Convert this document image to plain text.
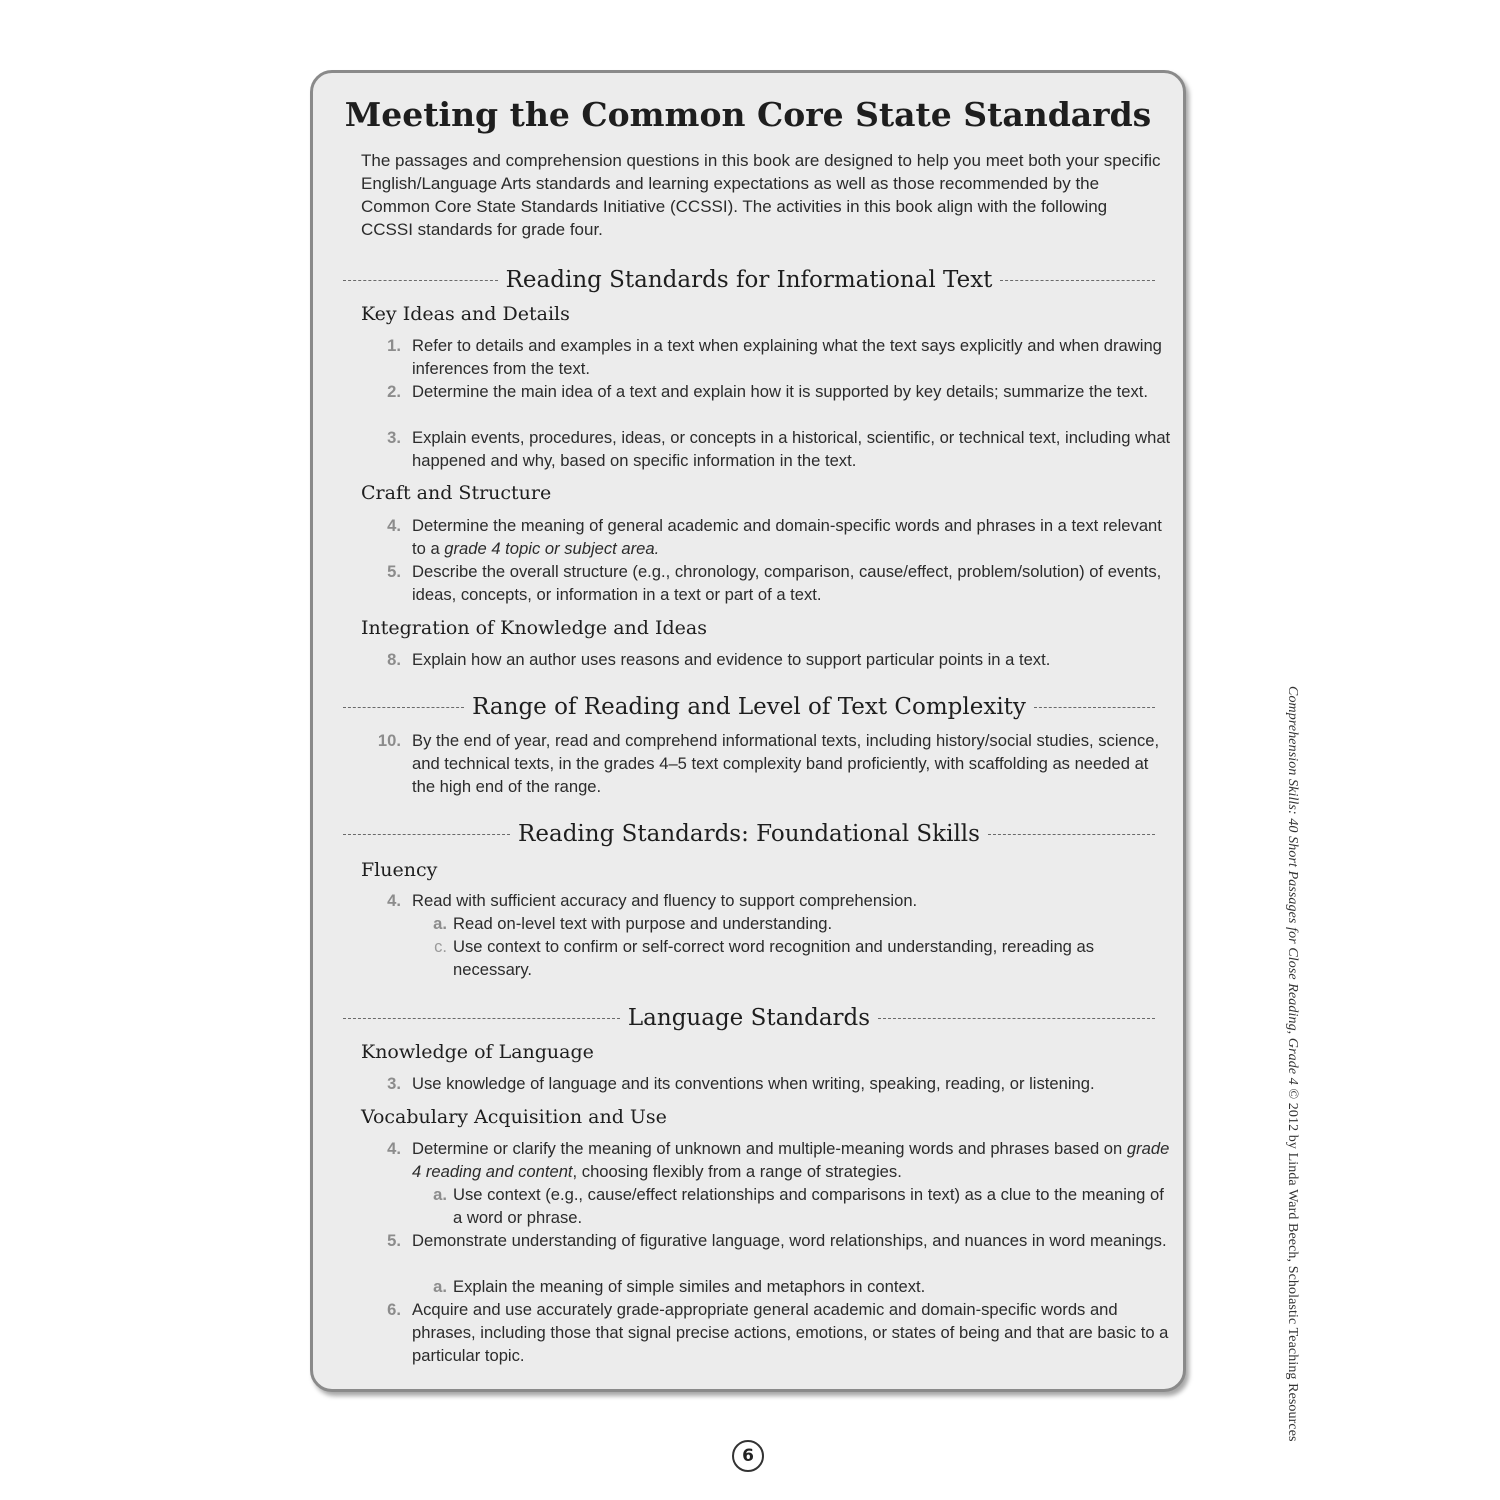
Meeting the Common Core State Standards
The passages and comprehension questions in this book are designed to help you meet both your specific English/Language Arts standards and learning expectations as well as those recommended by the Common Core State Standards Initiative (CCSSI). The activities in this book align with the following CCSSI standards for grade four.
Reading Standards for Informational Text
Key Ideas and Details
1. Refer to details and examples in a text when explaining what the text says explicitly and when drawing inferences from the text.
2. Determine the main idea of a text and explain how it is supported by key details; summarize the text.
3. Explain events, procedures, ideas, or concepts in a historical, scientific, or technical text, including what happened and why, based on specific information in the text.
Craft and Structure
4. Determine the meaning of general academic and domain-specific words and phrases in a text relevant to a grade 4 topic or subject area.
5. Describe the overall structure (e.g., chronology, comparison, cause/effect, problem/solution) of events, ideas, concepts, or information in a text or part of a text.
Integration of Knowledge and Ideas
8. Explain how an author uses reasons and evidence to support particular points in a text.
Range of Reading and Level of Text Complexity
10. By the end of year, read and comprehend informational texts, including history/social studies, science, and technical texts, in the grades 4–5 text complexity band proficiently, with scaffolding as needed at the high end of the range.
Reading Standards: Foundational Skills
Fluency
4. Read with sufficient accuracy and fluency to support comprehension.
a. Read on-level text with purpose and understanding.
c. Use context to confirm or self-correct word recognition and understanding, rereading as necessary.
Language Standards
Knowledge of Language
3. Use knowledge of language and its conventions when writing, speaking, reading, or listening.
Vocabulary Acquisition and Use
4. Determine or clarify the meaning of unknown and multiple-meaning words and phrases based on grade 4 reading and content, choosing flexibly from a range of strategies.
a. Use context (e.g., cause/effect relationships and comparisons in text) as a clue to the meaning of a word or phrase.
5. Demonstrate understanding of figurative language, word relationships, and nuances in word meanings.
a. Explain the meaning of simple similes and metaphors in context.
6. Acquire and use accurately grade-appropriate general academic and domain-specific words and phrases, including those that signal precise actions, emotions, or states of being and that are basic to a particular topic.
Comprehension Skills: 40 Short Passages for Close Reading, Grade 4 © 2012 by Linda Ward Beech, Scholastic Teaching Resources
6
